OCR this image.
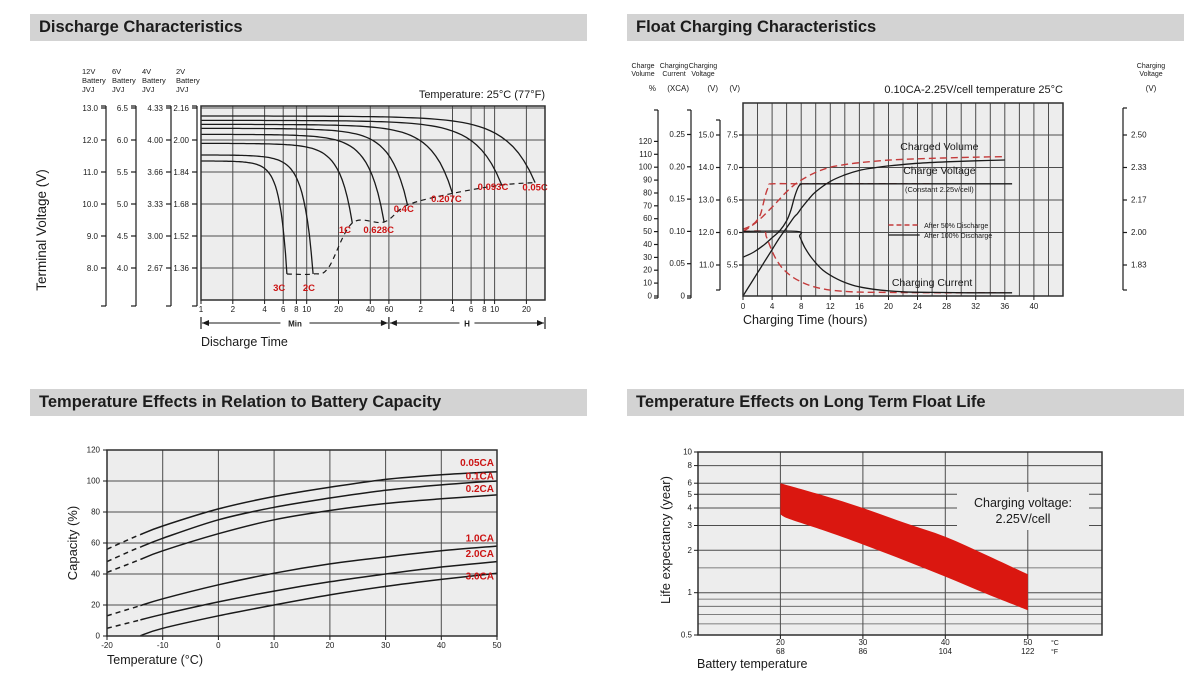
Discharge Characteristics	Float Charging Characteristics
Temperature Effects in Relation to Battery Capacity	Temperature Effects on Long Term Float Life
12V
Battery
JVJ
13.0
12.0
11.0
10.0
9.0
8.0
6V
Battery
JVJ
6.5
6.0
5.5
5.0
4.5
4.0
4V
Battery
JVJ
4.33
4.00
3.66
3.33
3.00
2.67
2V
Battery
JVJ
2.16
2.00
1.84
1.68
1.52
1.36
3C 2C
1C 0.628C
0.4C
0.207C
0.093C 0.05C
1	2	4 6 8 10	20	40 60	2	4 6 8 10	20
Min	H
Discharge Time
Terminal Voltage (V)
Temperature: 25°C (77°F)
Charge
Volume
%
0
10
20
30
40
50
60
70
80
90
100
110
120
Charging
Current
(XCA)
0
0.05
0.10
0.15
0.20
0.25
Charging
Voltage
(V)
11.0
12.0
13.0
14.0
15.0
(V)
5.5
6.0
6.5
7.0
7.5
Charging
Voltage
(V)
2.50
2.33
2.17
2.00
1.83
Charged Volume
Charge Voltage
(Constant 2.25v/cell)
Charging Current
After 50% Discharge
After 100% Discharge
0	4	8	12	16	20	24	28	32	36	40
Charging Time (hours)
0.10CA-2.25V/cell temperature 25°C
0.05CA
0.1CA
0.2CA
1.0CA
2.0CA
3.0CA
0
20
40
60
80
100
120
-20	-10	0	10	20	30	40	50
Capacity (%)
Temperature (°C)
Charging voltage:
2.25V/cell
10
8
6
5
4
3
2
1
0.5
20
68
30
86
40
104
50
122
°C
°F
Life expectancy (year)
Battery temperature
